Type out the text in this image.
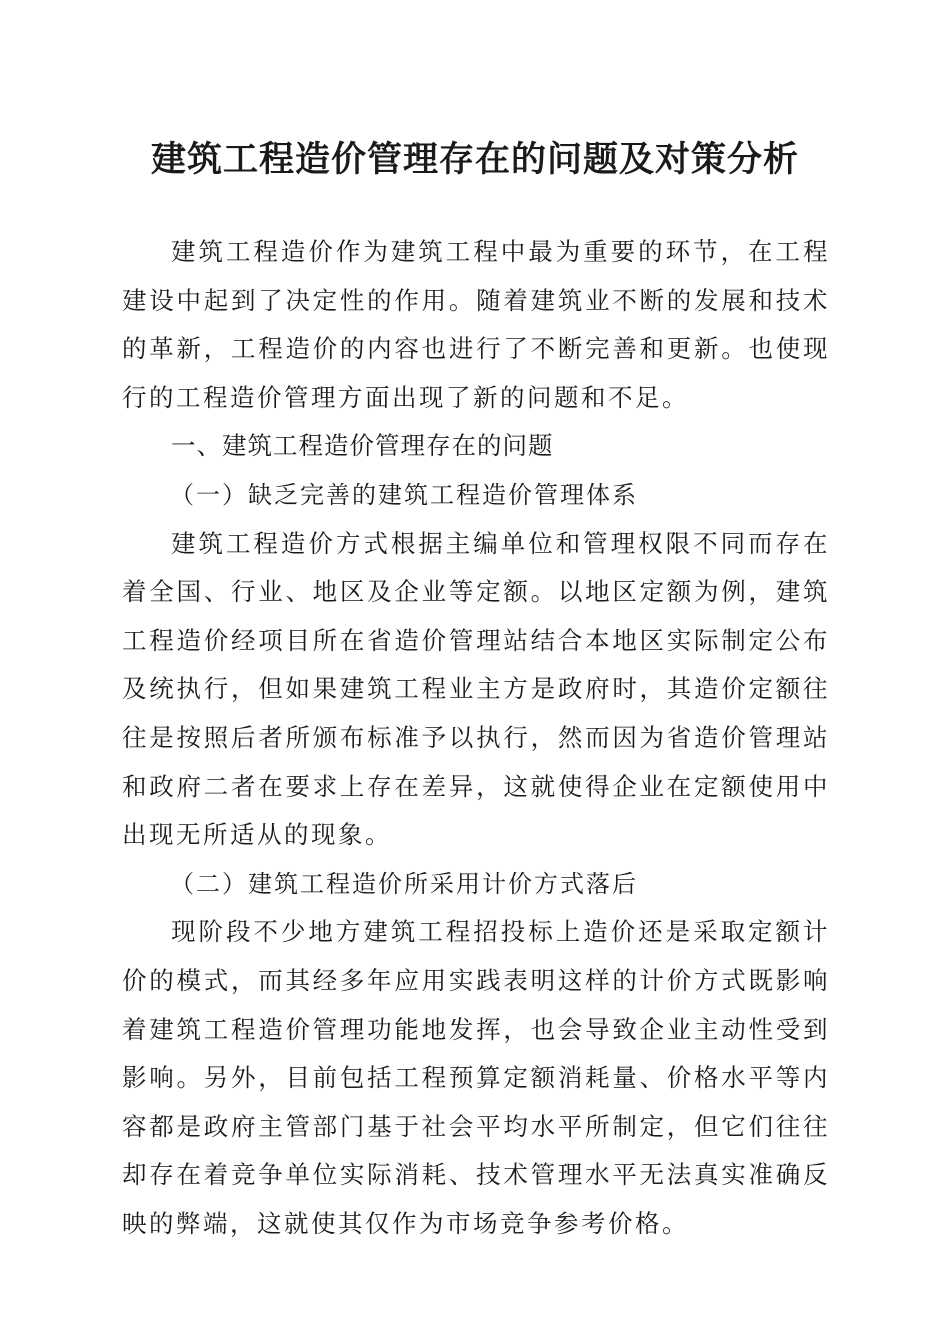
建筑工程造价管理存在的问题及对策分析

建筑工程造价作为建筑工程中最为重要的环节，在工程建设中起到了决定性的作用。随着建筑业不断的发展和技术的革新，工程造价的内容也进行了不断完善和更新。也使现行的工程造价管理方面出现了新的问题和不足。

一、建筑工程造价管理存在的问题

（一）缺乏完善的建筑工程造价管理体系

建筑工程造价方式根据主编单位和管理权限不同而存在着全国、行业、地区及企业等定额。以地区定额为例，建筑工程造价经项目所在省造价管理站结合本地区实际制定公布及统执行，但如果建筑工程业主方是政府时，其造价定额往往是按照后者所颁布标准予以执行，然而因为省造价管理站和政府二者在要求上存在差异，这就使得企业在定额使用中出现无所适从的现象。

（二）建筑工程造价所采用计价方式落后

现阶段不少地方建筑工程招投标上造价还是采取定额计价的模式，而其经多年应用实践表明这样的计价方式既影响着建筑工程造价管理功能地发挥，也会导致企业主动性受到影响。另外，目前包括工程预算定额消耗量、价格水平等内容都是政府主管部门基于社会平均水平所制定，但它们往往却存在着竞争单位实际消耗、技术管理水平无法真实准确反映的弊端，这就使其仅作为市场竞争参考价格。
